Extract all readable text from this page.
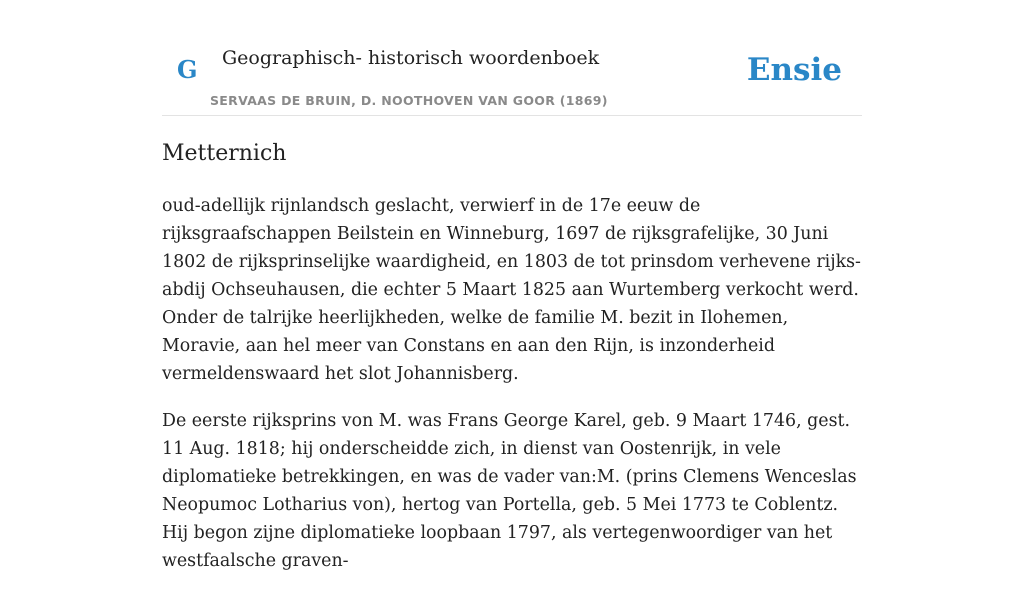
G Geographisch- historisch woordenboek
SERVAAS DE BRUIN, D. NOOTHOVEN VAN GOOR (1869)
Ensie
Metternich

oud-adellijk rijnlandsch geslacht, verwierf in de 17e eeuw de rijksgraafschappen Beilstein en Winneburg, 1697 de rijksgrafelijke, 30 Juni 1802 de rijksprinselijke waardigheid, en 1803 de tot prinsdom verhevene rijks-abdij Ochseuhausen, die echter 5 Maart 1825 aan Wurtemberg verkocht werd. Onder de talrijke heerlijkheden, welke de familie M. bezit in Ilohemen, Moravie, aan hel meer van Constans en aan den Rijn, is inzonderheid vermeldenswaard het slot Johannisberg.

De eerste rijksprins von M. was Frans George Karel, geb. 9 Maart 1746, gest. 11 Aug. 1818; hij onderscheidde zich, in dienst van Oostenrijk, in vele diplomatieke betrekkingen, en was de vader van:M. (prins Clemens Wenceslas Neopumoc Lotharius von), hertog van Portella, geb. 5 Mei 1773 te Coblentz. Hij begon zijne diplomatieke loopbaan 1797, als vertegenwoordiger van het westfaalsche graven-
